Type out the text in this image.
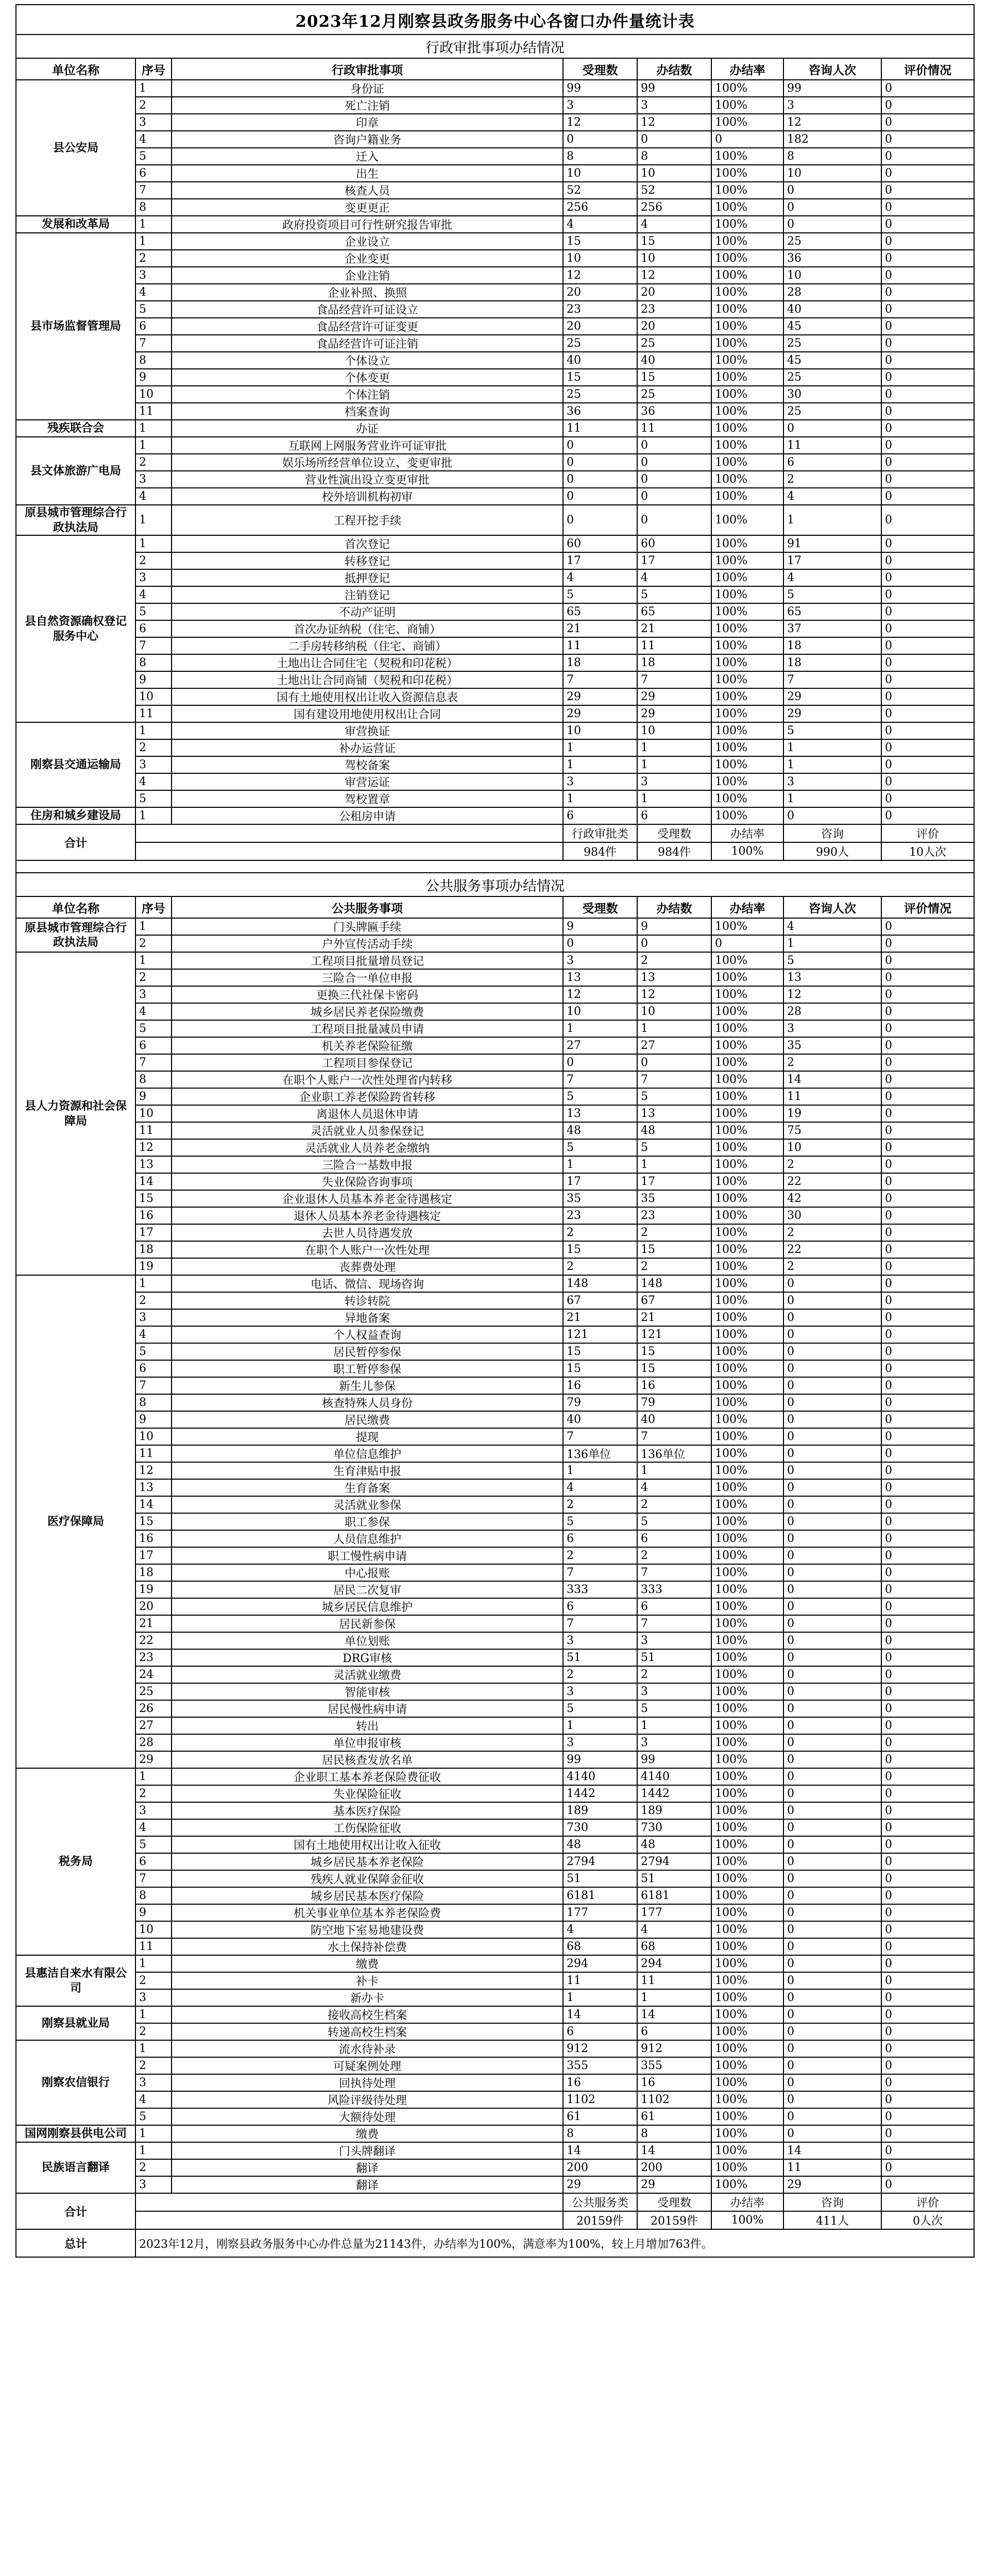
2023年12月刚察县政务服务中心各窗口办件量统计表							
行政审批事项办结情况							
单位名称	序号	行政审批事项	受理数	办结数	办结率	咨询人次	评价情况
县公安局	1	身份证	99	99	100%	99	0
	2	死亡注销	3	3	100%	3	0
	3	印章	12	12	100%	12	0
	4	咨询户籍业务	0	0	0	182	0
	5	迁入	8	8	100%	8	0
	6	出生	10	10	100%	10	0
	7	核查人员	52	52	100%	0	0
	8	变更更正	256	256	100%	0	0
发展和改革局	1	政府投资项目可行性研究报告审批	4	4	100%	0	0
县市场监督管理局	1	企业设立	15	15	100%	25	0
	2	企业变更	10	10	100%	36	0
	3	企业注销	12	12	100%	10	0
	4	企业补照、换照	20	20	100%	28	0
	5	食品经营许可证设立	23	23	100%	40	0
	6	食品经营许可证变更	20	20	100%	45	0
	7	食品经营许可证注销	25	25	100%	25	0
	8	个体设立	40	40	100%	45	0
	9	个体变更	15	15	100%	25	0
	10	个体注销	25	25	100%	30	0
	11	档案查询	36	36	100%	25	0
残疾联合会	1	办证	11	11	100%	0	0
县文体旅游广电局	1	互联网上网服务营业许可证审批	0	0	100%	11	0
	2	娱乐场所经营单位设立、变更审批	0	0	100%	6	0
	3	营业性演出设立变更审批	0	0	100%	2	0
	4	校外培训机构初审	0	0	100%	4	0
原县城市管理综合行政执法局	1	工程开挖手续	0	0	100%	1	0
县自然资源确权登记服务中心	1	首次登记	60	60	100%	91	0
	2	转移登记	17	17	100%	17	0
	3	抵押登记	4	4	100%	4	0
	4	注销登记	5	5	100%	5	0
	5	不动产证明	65	65	100%	65	0
	6	首次办证纳税（住宅、商铺）	21	21	100%	37	0
	7	二手房转移纳税（住宅、商铺）	11	11	100%	18	0
	8	土地出让合同住宅（契税和印花税）	18	18	100%	18	0
	9	土地出让合同商铺（契税和印花税）	7	7	100%	7	0
	10	国有土地使用权出让收入资源信息表	29	29	100%	29	0
	11	国有建设用地使用权出让合同	29	29	100%	29	0
刚察县交通运输局	1	审营换证	10	10	100%	5	0
	2	补办运营证	1	1	100%	1	0
	3	驾校备案	1	1	100%	1	0
	4	审营运证	3	3	100%	3	0
	5	驾校置章	1	1	100%	1	0
住房和城乡建设局	1	公租房申请	6	6	100%	0	0
合计			行政审批类	受理数	办结率	咨询	评价
			984件	984件	100%	990人	10人次

公共服务事项办结情况							
单位名称	序号	公共服务事项	受理数	办结数	办结率	咨询人次	评价情况
原县城市管理综合行政执法局	1	门头牌匾手续	9	9	100%	4	0
	2	户外宣传活动手续	0	0	0	1	0
县人力资源和社会保障局	1	工程项目批量增员登记	3	2	100%	5	0
	2	三险合一单位申报	13	13	100%	13	0
	3	更换三代社保卡密码	12	12	100%	12	0
	4	城乡居民养老保险缴费	10	10	100%	28	0
	5	工程项目批量减员申请	1	1	100%	3	0
	6	机关养老保险征缴	27	27	100%	35	0
	7	工程项目参保登记	0	0	100%	2	0
	8	在职个人账户一次性处理省内转移	7	7	100%	14	0
	9	企业职工养老保险跨省转移	5	5	100%	11	0
	10	离退休人员退休申请	13	13	100%	19	0
	11	灵活就业人员参保登记	48	48	100%	75	0
	12	灵活就业人员养老金缴纳	5	5	100%	10	0
	13	三险合一基数申报	1	1	100%	2	0
	14	失业保险咨询事项	17	17	100%	22	0
	15	企业退休人员基本养老金待遇核定	35	35	100%	42	0
	16	退休人员基本养老金待遇核定	23	23	100%	30	0
	17	去世人员待遇发放	2	2	100%	2	0
	18	在职个人账户一次性处理	15	15	100%	22	0
	19	丧葬费处理	2	2	100%	2	0
医疗保障局	1	电话、微信、现场咨询	148	148	100%	0	0
	2	转诊转院	67	67	100%	0	0
	3	异地备案	21	21	100%	0	0
	4	个人权益查询	121	121	100%	0	0
	5	居民暂停参保	15	15	100%	0	0
	6	职工暂停参保	15	15	100%	0	0
	7	新生儿参保	16	16	100%	0	0
	8	核查特殊人员身份	79	79	100%	0	0
	9	居民缴费	40	40	100%	0	0
	10	提现	7	7	100%	0	0
	11	单位信息维护	136单位	136单位	100%	0	0
	12	生育津贴申报	1	1	100%	0	0
	13	生育备案	4	4	100%	0	0
	14	灵活就业参保	2	2	100%	0	0
	15	职工参保	5	5	100%	0	0
	16	人员信息维护	6	6	100%	0	0
	17	职工慢性病申请	2	2	100%	0	0
	18	中心报账	7	7	100%	0	0
	19	居民二次复审	333	333	100%	0	0
	20	城乡居民信息维护	6	6	100%	0	0
	21	居民新参保	7	7	100%	0	0
	22	单位划账	3	3	100%	0	0
	23	DRG审核	51	51	100%	0	0
	24	灵活就业缴费	2	2	100%	0	0
	25	智能审核	3	3	100%	0	0
	26	居民慢性病申请	5	5	100%	0	0
	27	转出	1	1	100%	0	0
	28	单位申报审核	3	3	100%	0	0
	29	居民核查发放名单	99	99	100%	0	0
税务局	1	企业职工基本养老保险费征收	4140	4140	100%	0	0
	2	失业保险征收	1442	1442	100%	0	0
	3	基本医疗保险	189	189	100%	0	0
	4	工伤保险征收	730	730	100%	0	0
	5	国有土地使用权出让收入征收	48	48	100%	0	0
	6	城乡居民基本养老保险	2794	2794	100%	0	0
	7	残疾人就业保障金征收	51	51	100%	0	0
	8	城乡居民基本医疗保险	6181	6181	100%	0	0
	9	机关事业单位基本养老保险费	177	177	100%	0	0
	10	防空地下室易地建设费	4	4	100%	0	0
	11	水土保持补偿费	68	68	100%	0	0
县惠洁自来水有限公司	1	缴费	294	294	100%	0	0
	2	补卡	11	11	100%	0	0
	3	新办卡	1	1	100%	0	0
刚察县就业局	1	接收高校生档案	14	14	100%	0	0
	2	转递高校生档案	6	6	100%	0	0
刚察农信银行	1	流水待补录	912	912	100%	0	0
	2	可疑案例处理	355	355	100%	0	0
	3	回执待处理	16	16	100%	0	0
	4	风险评级待处理	1102	1102	100%	0	0
	5	大额待处理	61	61	100%	0	0
国网刚察县供电公司	1	缴费	8	8	100%	0	0
民族语言翻译	1	门头牌翻译	14	14	100%	14	0
	2	翻译	200	200	100%	11	0
	3	翻译	29	29	100%	29	0
合计			公共服务类	受理数	办结率	咨询	评价
			20159件	20159件	100%	411人	0人次
总计	2023年12月，刚察县政务服务中心办件总量为21143件，办结率为100%，满意率为100%，较上月增加763件。						
